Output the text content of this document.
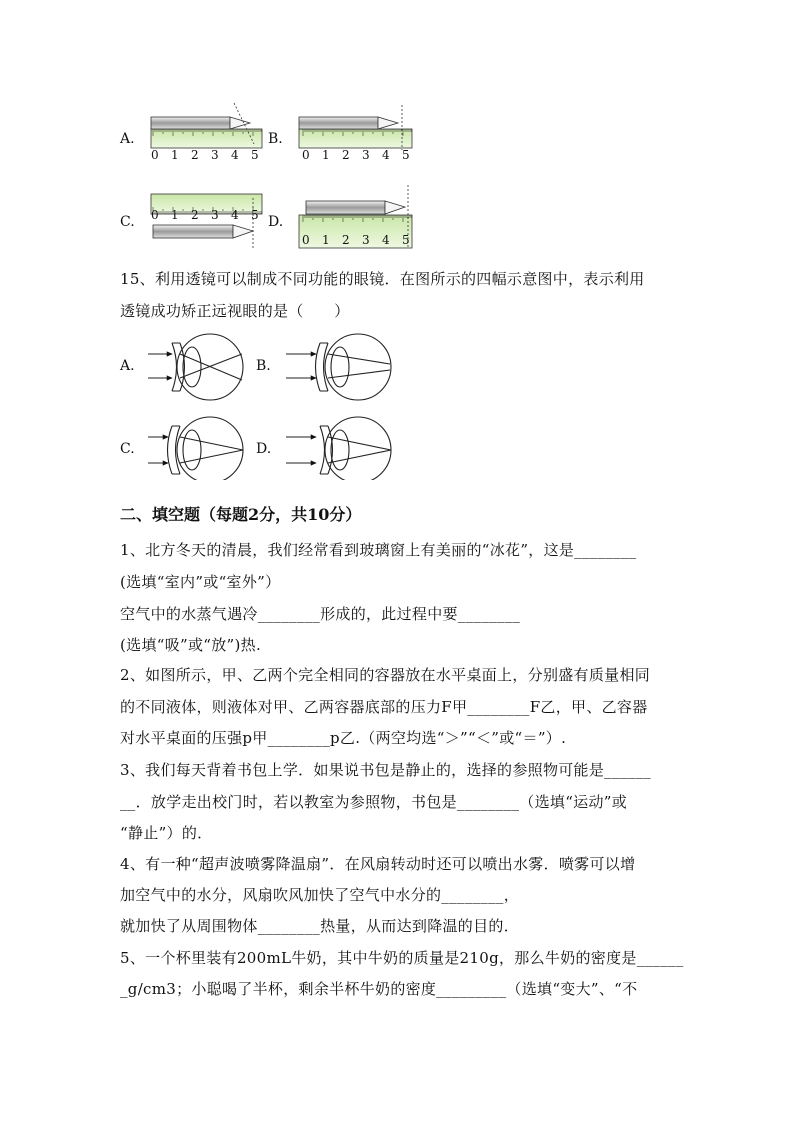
A.	B.
C.	D.
0 1 2 3 4 5	0 1 2 3 4 5
0 1 2 3 4 5
0 1 2 3 4 5
15、利用透镜可以制成不同功能的眼镜．在图所示的四幅示意图中，表示利用
透镜成功矫正远视眼的是（　　）
A.	B.
C.	D.
二、填空题（每题2分，共10分）
1、北方冬天的清晨，我们经常看到玻璃窗上有美丽的“冰花”，这是________
(选填“室内”或“室外”）
空气中的水蒸气遇冷________形成的，此过程中要________
(选填“吸”或“放”)热.
2、如图所示，甲、乙两个完全相同的容器放在水平桌面上，分别盛有质量相同
的不同液体，则液体对甲、乙两容器底部的压力F甲________F乙，甲、乙容器
对水平桌面的压强p甲________p乙.（两空均选“＞”“＜”或“＝”）.
3、我们每天背着书包上学．如果说书包是静止的，选择的参照物可能是______
__．放学走出校门时，若以教室为参照物，书包是________（选填“运动”或
“静止”）的．
4、有一种“超声波喷雾降温扇”．在风扇转动时还可以喷出水雾．喷雾可以增
加空气中的水分，风扇吹风加快了空气中水分的________，
就加快了从周围物体________热量，从而达到降温的目的．
5、一个杯里装有200mL牛奶，其中牛奶的质量是210g，那么牛奶的密度是______
_g/cm3；小聪喝了半杯，剩余半杯牛奶的密度_________（选填“变大”、“不
